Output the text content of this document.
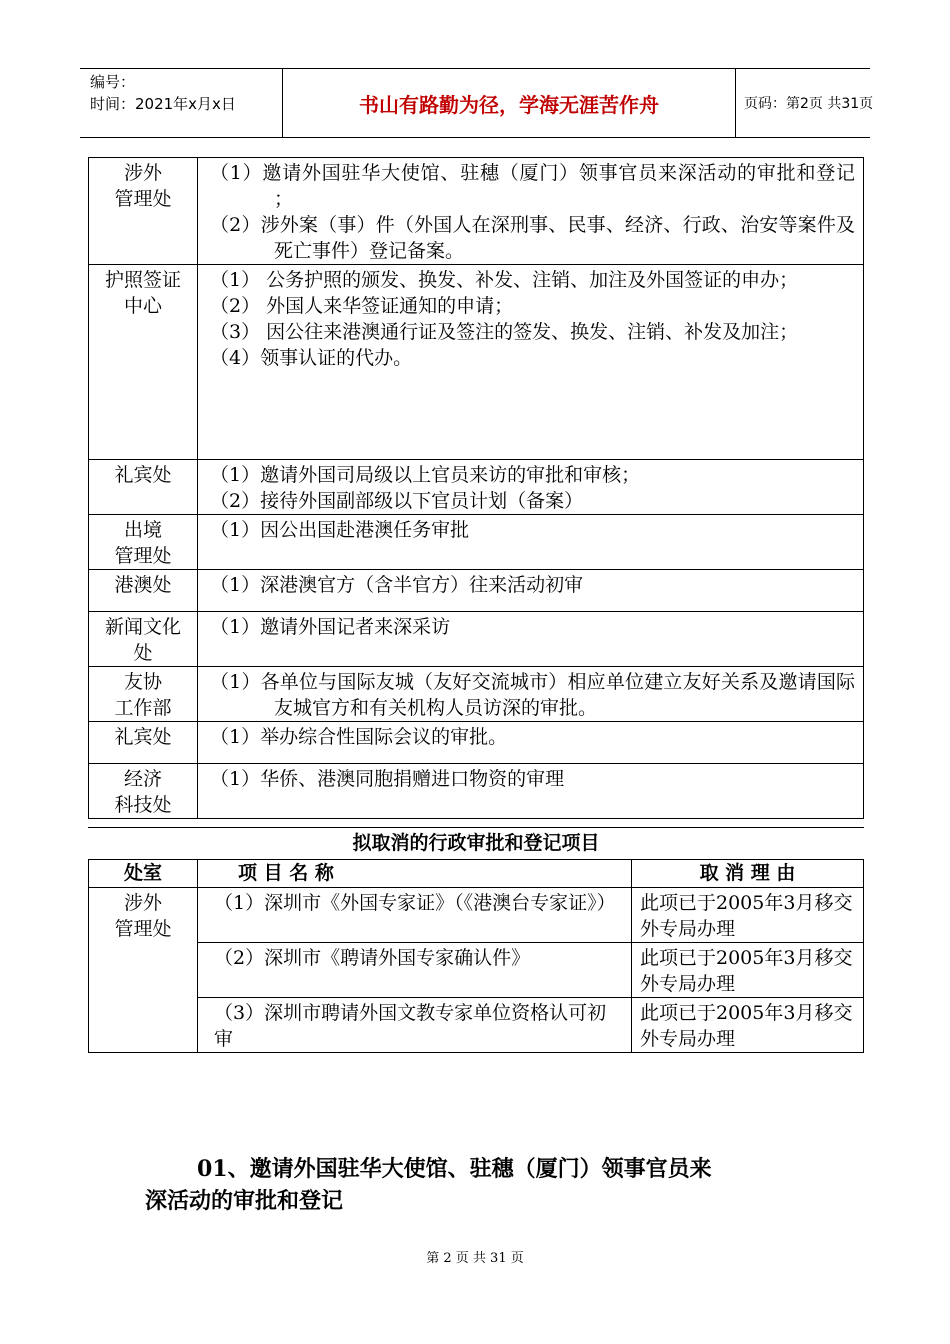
编号：
时间：2021年x月x日	书山有路勤为径，学海无涯苦作舟	页码：第2页 共31页
涉外
管理处	（1）邀请外国驻华大使馆、驻穗（厦门）领事官员来深活动的审批和登记 ；
（2）涉外案（事）件（外国人在深刑事、民事、经济、行政、治安等案件及死亡事件）登记备案。

护照签证
中心	（1） 公务护照的颁发、换发、补发、注销、加注及外国签证的申办；
（2） 外国人来华签证通知的申请；
（3） 因公往来港澳通行证及签注的签发、换发、注销、补发及加注；
（4）领事认证的代办。

礼宾处	（1）邀请外国司局级以上官员来访的审批和审核；
（2）接待外国副部级以下官员计划（备案）

出境
管理处	（1）因公出国赴港澳任务审批

港澳处	（1）深港澳官方（含半官方）往来活动初审

新闻文化
处	（1）邀请外国记者来深采访

友协
工作部	（1）各单位与国际友城（友好交流城市）相应单位建立友好关系及邀请国际友城官方和有关机构人员访深的审批。

礼宾处	（1）举办综合性国际会议的审批。

经济
科技处	（1）华侨、港澳同胞捐赠进口物资的审理
拟取消的行政审批和登记项目
处室	项 目 名 称	取 消 理 由
涉外
管理处	（1）深圳市《外国专家证》（《港澳台专家证》）	此项已于2005年3月移交外专局办理
	（2）深圳市《聘请外国专家确认件》	此项已于2005年3月移交外专局办理
	（3）深圳市聘请外国文教专家单位资格认可初审	此项已于2005年3月移交外专局办理
01、邀请外国驻华大使馆、驻穗（厦门）领事官员来
深活动的审批和登记
第 2 页 共 31 页
